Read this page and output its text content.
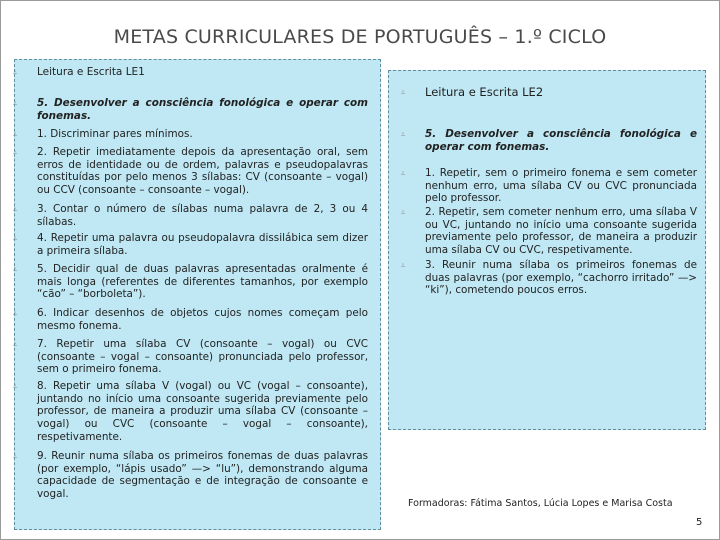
METAS CURRICULARES DE PORTUGUÊS – 1.º CICLO
೭ Leitura e Escrita LE1
೭ 5. Desenvolver a consciência fonológica e operar com fonemas.
೭ 1. Discriminar pares mínimos.
೭ 2. Repetir imediatamente depois da apresentação oral, sem erros de identidade ou de ordem, palavras e pseudopalavras constituídas por pelo menos 3 sílabas: CV (consoante – vogal) ou CCV (consoante – consoante – vogal).
೭ 3. Contar o número de sílabas numa palavra de 2, 3 ou 4 sílabas.
೭ 4. Repetir uma palavra ou pseudopalavra dissilábica sem dizer a primeira sílaba.
೭ 5. Decidir qual de duas palavras apresentadas oralmente é mais longa (referentes de diferentes tamanhos, por exemplo “cão” – “borboleta”).
೭ 6. Indicar desenhos de objetos cujos nomes começam pelo mesmo fonema.
೭ 7. Repetir uma sílaba CV (consoante – vogal) ou CVC (consoante – vogal – consoante) pronunciada pelo professor, sem o primeiro fonema.
೭ 8. Repetir uma sílaba V (vogal) ou VC (vogal – consoante), juntando no início uma consoante sugerida previamente pelo professor, de maneira a produzir uma sílaba CV (consoante – vogal) ou CVC (consoante – vogal – consoante), respetivamente.
೭ 9. Reunir numa sílaba os primeiros fonemas de duas palavras (por exemplo, “lápis usado” —> “lu”), demonstrando alguma capacidade de segmentação e de integração de consoante e vogal.
೭ Leitura e Escrita LE2
೭ 5. Desenvolver a consciência fonológica e operar com fonemas.
೭ 1. Repetir, sem o primeiro fonema e sem cometer nenhum erro, uma sílaba CV ou CVC pronunciada pelo professor.
೭ 2. Repetir, sem cometer nenhum erro, uma sílaba V ou VC, juntando no início uma consoante sugerida previamente pelo professor, de maneira a produzir uma sílaba CV ou CVC, respetivamente.
೭ 3. Reunir numa sílaba os primeiros fonemas de duas palavras (por exemplo, “cachorro irritado” —> “ki”), cometendo poucos erros.
Formadoras: Fátima Santos, Lúcia Lopes e Marisa Costa
5
